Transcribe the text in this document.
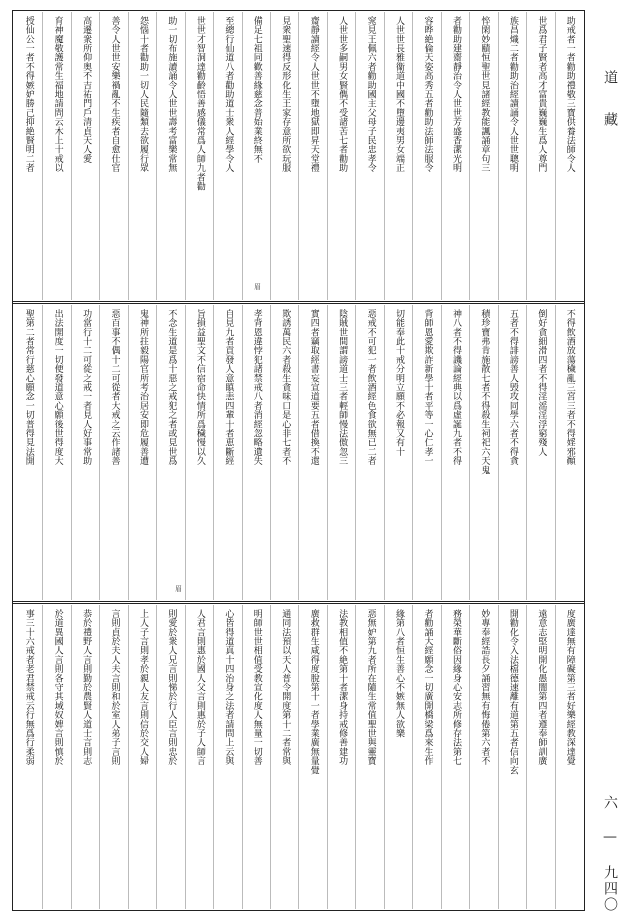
助戒者一者勸助禮敬三寶供養法師令人
世爲君子賢者高才富貴巍巍生爲人尊門
族昌熾二者勸助治經讀誦令人世世聰明
悴閑妙賾恒聖世見諸經教能諷誦章句三
者勸助建齋靜治令人世世芳盛香潔光明
容晔絶倫天姿高秀五者勸助法師法服令
人世世長雅衞道中國不墮邊夷男女端正
窕見王佩六者勸助國主父母子民忠孝令
人世世多嗣男女賢儁不受諸苦七者勸助
齋靜讀經令人世世不墮地獄即昇天堂禮
見衆聖速得反形化生王家存意所欲玩服
備足七祖同歡善緣慈念普始業終無不
至總行仙道八者勸助道士衆人經學令人
世世才智洞達勸齡悟善感儀常爲人師九者勸
助一切布施讀誦令人世世壽考富樂常無
怨惱十者勸助一切人民隨類去欲履行眾
善令人世世安樂禍亂不生疾者自愈仕官
高遷衆所仰奥不吉祐門戶清貞天人愛
育神魔敬護常生福地請問云木上十戒以
授仙公一者不得嫉妒勝己抑絶賢明二者
不得飲酒放蕩穢亂三宮三者不得婬邪顚
倒好貪細滑四者不得淫滛淫浮窮殘人
五者不得誹謗善人毁攻同學六者不得貪
積珍寶弗肯施散七者不得殺生祠祀六天鬼
神八者不得譏論經典以爲虛誕九者不得
背師恩愛欺詐新學十者平等一心仁孝一
切能奉此十戒分明立願不必報又有十
惡戒不可犯一者飲酒經色食欲無已二者
陰賊世間謂謗道士三者輕師慢法傲忽三
實四者竊取經書妄宣道要五者借換不還
欺誘萬民六者殺生貪味口是心非七者不
孝背恩違悖犯諸禁戒八者消經忽略遺失
自見九者貢發人意瞋恚四輩十者恵斷經
旨損益聖文不信宿命快情所爲穢慢以久
不念生道是爲十惡之戒犯之者或見世爲
鬼神所拄毅陽官所考治居安即危履善遭
惡百事不偶十二可從者大戒之云作諸善
功當行十二可從之戒一者見人好事常助
出法開度一切便發道意心願後世得度大
聖第二者常行慈心願念一切普得見法開
度廣達無有障礙第三者好樂經教深達覺
遠意志堅明開化愚闇第四者遵奉師訓廣
開勸化令入法檔德速離有道第五者信向玄
妙專奉經誥長夕誦習無有悔倦第六者不
務榮華斷俗因緣身心安志所修存法第七
者勸誦大經願念一切廣開橋梁爲來生作
緣第八者恒生善心不嫉無人欲樂
惡無妒第九者所在隨生常值聖世與靈寶
法教相值不絶第十者潔身持戒修善建功
廣救群生咸得度脫第十一者學業廣無量覺
通同法預以天人普令開度第十二者常與
明師世世相值受教宣化度人無量一切善
心皆得道真十四治身之法者請問上云與
人君言則惠於國人父言則惠於子人師言
則愛於衆人兄言則悌於行人臣言則忠於
上人子言則孝於親人友言則信於交人婦
言則貞於夫人夫言則和於室人弟子言則
恭於禮野人言則勤於農賢人道士言則志
於道異國人言則各守其域奴婢言則慎於
事三十六戒者老君禁戒云行無爲行柔弱
眉
眉
道 藏
六 — 九四〇
